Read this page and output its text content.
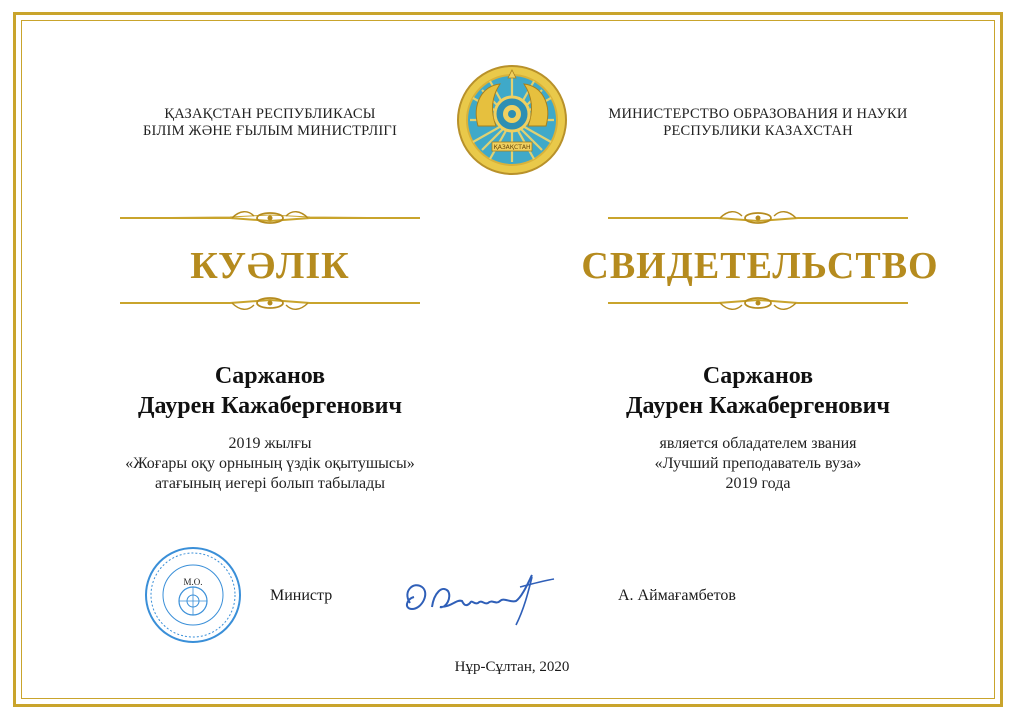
ҚАЗАҚСТАН РЕСПУБЛИКАСЫ
БІЛІМ ЖӘНЕ ҒЫЛЫМ МИНИСТРЛІГІ
ҚАЗАҚСТАН
МИНИСТЕРСТВО ОБРАЗОВАНИЯ И НАУКИ
РЕСПУБЛИКИ КАЗАХСТАН
КУӘЛІК	СВИДЕТЕЛЬСТВО
Саржанов
Даурен Кажабергенович
Саржанов
Даурен Кажабергенович
2019 жылғы
«Жоғары оқу орнының үздік оқытушысы»
атағының иегері болып табылады
является обладателем звания
«Лучший преподаватель вуза»
2019 года
М.О.
Министр	А. Аймағамбетов
Нұр-Сұлтан, 2020
